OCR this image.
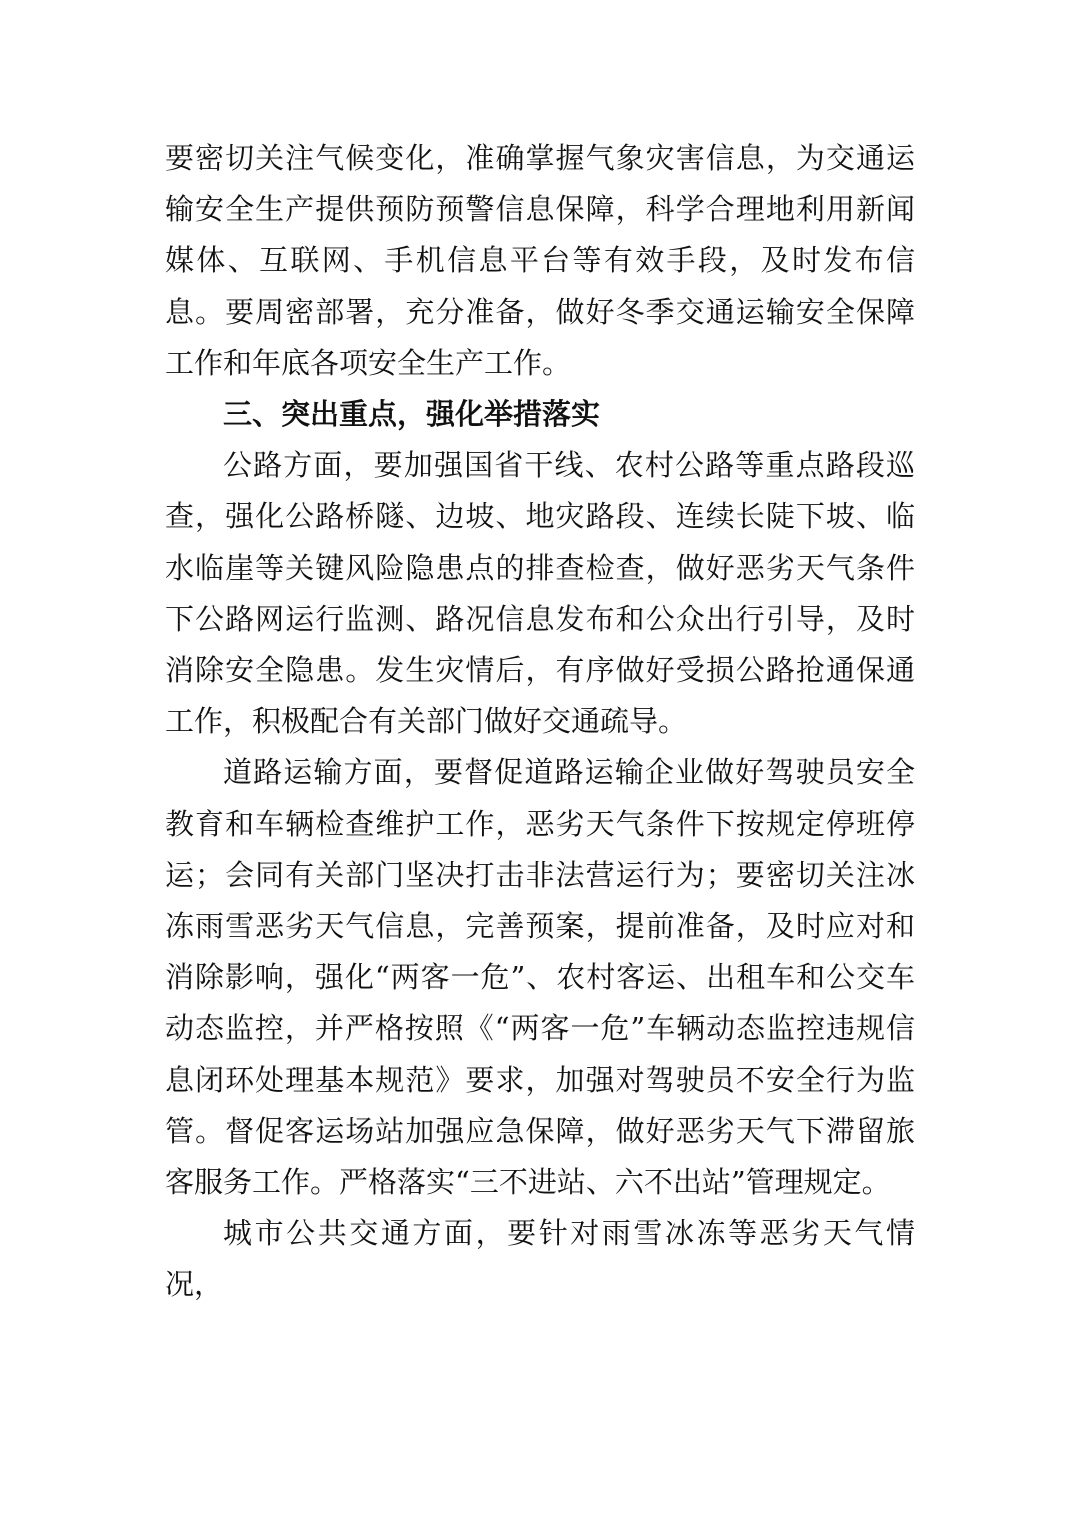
要密切关注气候变化，准确掌握气象灾害信息，为交通运输安全生产提供预防预警信息保障，科学合理地利用新闻媒体、互联网、手机信息平台等有效手段，及时发布信息。要周密部署，充分准备，做好冬季交通运输安全保障工作和年底各项安全生产工作。

三、突出重点，强化举措落实

公路方面，要加强国省干线、农村公路等重点路段巡查，强化公路桥隧、边坡、地灾路段、连续长陡下坡、临水临崖等关键风险隐患点的排查检查，做好恶劣天气条件下公路网运行监测、路况信息发布和公众出行引导，及时消除安全隐患。发生灾情后，有序做好受损公路抢通保通工作，积极配合有关部门做好交通疏导。

道路运输方面，要督促道路运输企业做好驾驶员安全教育和车辆检查维护工作，恶劣天气条件下按规定停班停运；会同有关部门坚决打击非法营运行为；要密切关注冰冻雨雪恶劣天气信息，完善预案，提前准备，及时应对和消除影响，强化“两客一危”、农村客运、出租车和公交车动态监控，并严格按照《“两客一危”车辆动态监控违规信息闭环处理基本规范》要求，加强对驾驶员不安全行为监管。督促客运场站加强应急保障，做好恶劣天气下滞留旅客服务工作。严格落实“三不进站、六不出站”管理规定。

城市公共交通方面，要针对雨雪冰冻等恶劣天气情况，
